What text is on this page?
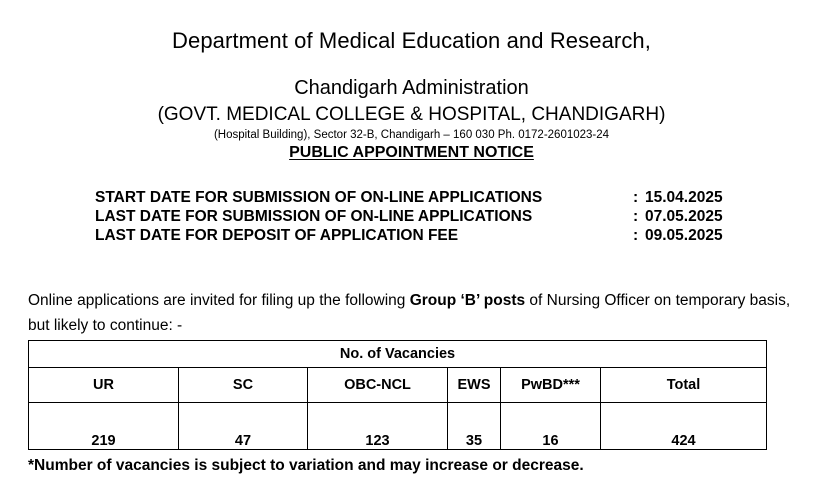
Department of Medical Education and Research,
Chandigarh Administration
(GOVT. MEDICAL COLLEGE & HOSPITAL, CHANDIGARH)
(Hospital Building), Sector 32-B, Chandigarh – 160 030 Ph. 0172-2601023-24
PUBLIC APPOINTMENT NOTICE
START DATE FOR SUBMISSION OF ON-LINE APPLICATIONS	: 15.04.2025
LAST DATE FOR SUBMISSION OF ON-LINE APPLICATIONS	: 07.05.2025
LAST DATE FOR DEPOSIT OF APPLICATION FEE	: 09.05.2025

Online applications are invited for filing up the following Group ‘B’ posts of Nursing Officer on temporary basis, but likely to continue: -

No. of Vacancies					
UR	SC	OBC-NCL	EWS	PwBD***	Total
219	47	123	35	16	424
*Number of vacancies is subject to variation and may increase or decrease.
